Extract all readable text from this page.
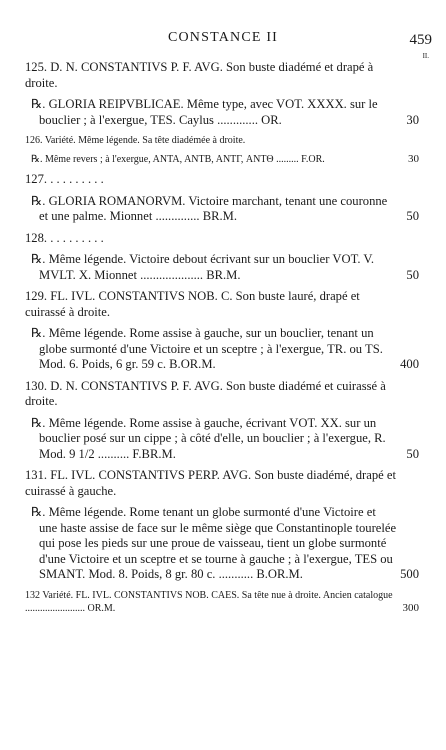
CONSTANCE II	459
II.
125. D. N. CONSTANTIVS P. F. AVG. Son buste diadémé et drapé à droite.
℞. GLORIA REIPVBLICAE. Même type, avec VOT. XXXX. sur le bouclier ; à l'exergue, TES. Caylus ............. OR.	30
126. Variété. Même légende. Sa tête diadémée à droite.
℞. Même revers ; à l'exergue, ANTA, ANTB, ANTΓ, ANTΘ ......... F.OR.	30
127. . . . . . . . . .
℞. GLORIA ROMANORVM. Victoire marchant, tenant une couronne et une palme. Mionnet .............. BR.M.	50
128. . . . . . . . . .
℞. Même légende. Victoire debout écrivant sur un bouclier VOT. V. MVLT. X. Mionnet .................... BR.M.	50
129. FL. IVL. CONSTANTIVS NOB. C. Son buste lauré, drapé et cuirassé à droite.
℞. Même légende. Rome assise à gauche, sur un bouclier, tenant un globe surmonté d'une Victoire et un sceptre ; à l'exergue, TR. ou TS. Mod. 6. Poids, 6 gr. 59 c. B.OR.M.	400
130. D. N. CONSTANTIVS P. F. AVG. Son buste diadémé et cuirassé à droite.
℞. Même légende. Rome assise à gauche, écrivant VOT. XX. sur un bouclier posé sur un cippe ; à côté d'elle, un bouclier ; à l'exergue, R. Mod. 9 1/2 .......... F.BR.M.	50
131. FL. IVL. CONSTANTIVS PERP. AVG. Son buste diadémé, drapé et cuirassé à gauche.
℞. Même légende. Rome tenant un globe surmonté d'une Victoire et une haste assise de face sur le même siège que Constantinople tourelée qui pose les pieds sur une proue de vaisseau, tient un globe surmonté d'une Victoire et un sceptre et se tourne à gauche ; à l'exergue, TES ou SMANT. Mod. 8. Poids, 8 gr. 80 c. ........... B.OR.M.	500
132 Variété. FL. IVL. CONSTANTIVS NOB. CAES. Sa tête nue à droite. Ancien catalogue ........................ OR.M.	300
